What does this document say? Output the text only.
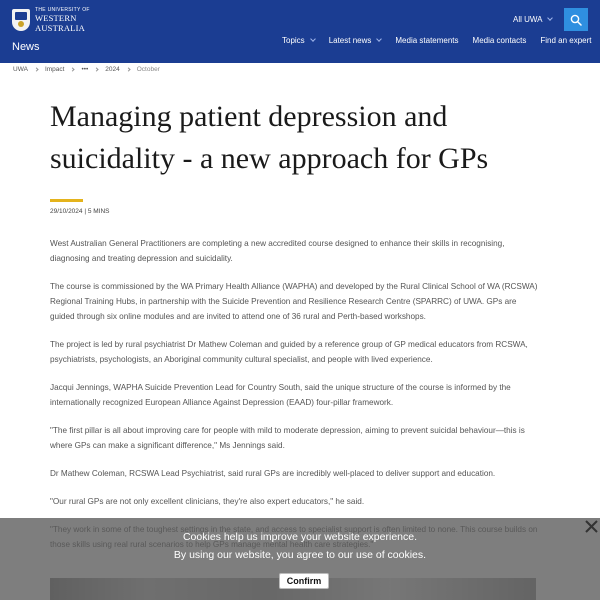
THE UNIVERSITY OF
WESTERN
AUSTRALIA
News
All UWA
Topics	Latest news	Media statements Media contacts Find an expert
UWA	Impact	•••	2024	October
Managing patient depression and suicidality - a new approach for GPs
29/10/2024 | 5 MINS

West Australian General Practitioners are completing a new accredited course designed to enhance their skills in recognising, diagnosing and treating depression and suicidality.

The course is commissioned by the WA Primary Health Alliance (WAPHA) and developed by the Rural Clinical School of WA (RCSWA) Regional Training Hubs, in partnership with the Suicide Prevention and Resilience Research Centre (SPARRC) of UWA. GPs are guided through six online modules and are invited to attend one of 36 rural and Perth-based workshops.

The project is led by rural psychiatrist Dr Mathew Coleman and guided by a reference group of GP medical educators from RCSWA, psychiatrists, psychologists, an Aboriginal community cultural specialist, and people with lived experience.

Jacqui Jennings, WAPHA Suicide Prevention Lead for Country South, said the unique structure of the course is informed by the internationally recognized European Alliance Against Depression (EAAD) four-pillar framework.

"The first pillar is all about improving care for people with mild to moderate depression, aiming to prevent suicidal behaviour—this is where GPs can make a significant difference," Ms Jennings said.

Dr Mathew Coleman, RCSWA Lead Psychiatrist, said rural GPs are incredibly well-placed to deliver support and education.

"Our rural GPs are not only excellent clinicians, they're also expert educators," he said.

Cookies help us improve your website experience.
By using our website, you agree to our use of cookies.
Confirm
